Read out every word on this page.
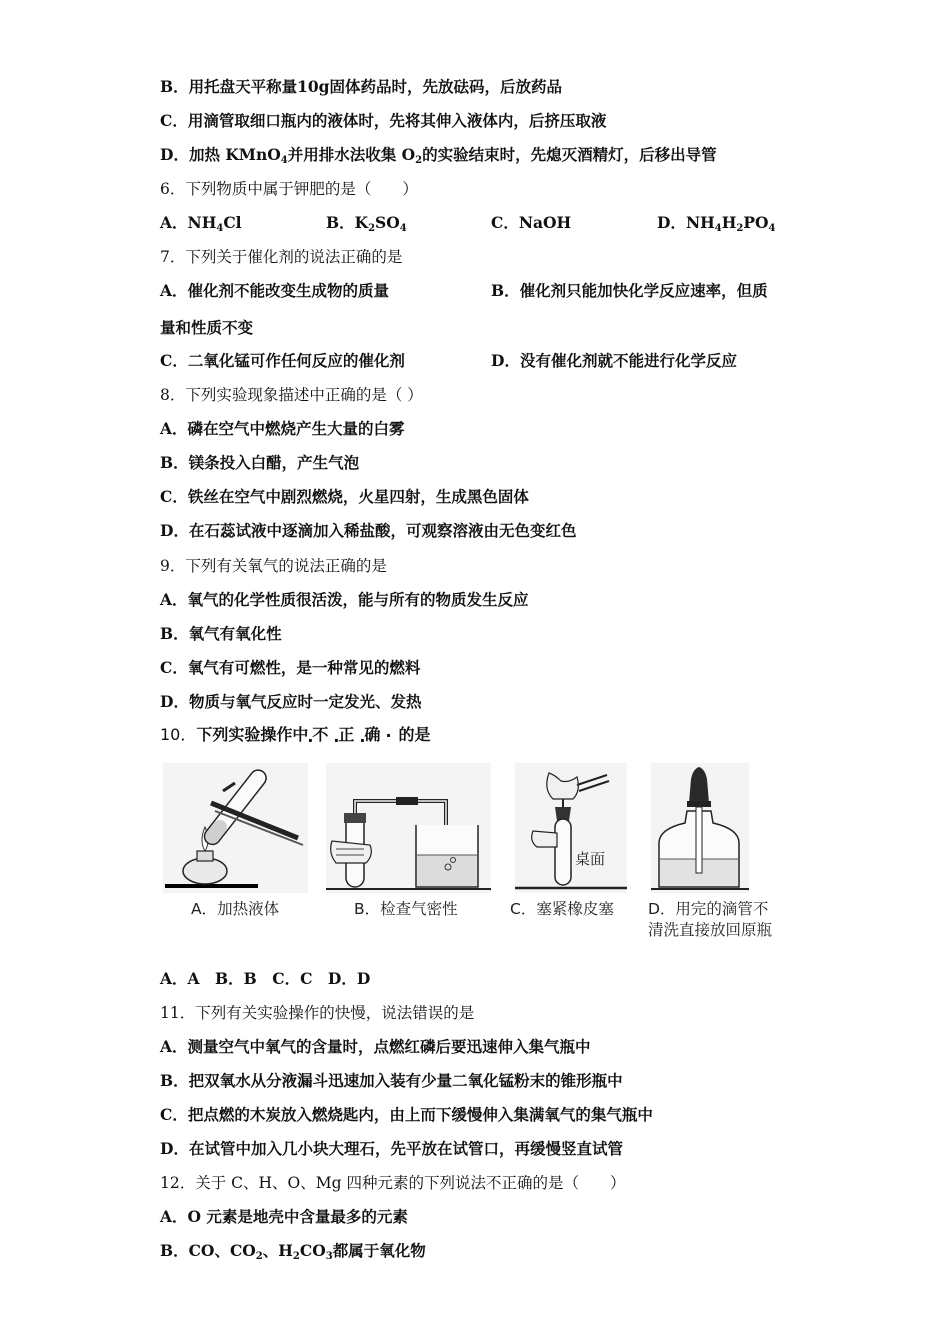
B．用托盘天平称量10g固体药品时，先放砝码，后放药品
C．用滴管取细口瓶内的液体时，先将其伸入液体内，后挤压取液
D．加热 KMnO$_4$并用排水法收集 $O_2$的实验结束时，先熄灭酒精灯，后移出导管
6．下列物质中属于钾肥的是（　　）
A．$NH_4Cl$	B．$K_2SO_4$	C．NaOH	D．$NH_4H_2PO_4$
7．下列关于催化剂的说法正确的是
A．催化剂不能改变生成物的质量	B．催化剂只能加快化学反应速率，但质
量和性质不变
C．二氧化锰可作任何反应的催化剂	D．没有催化剂就不能进行化学反应
8．下列实验现象描述中正确的是（ ）
A．磷在空气中燃烧产生大量的白雾
B．镁条投入白醋，产生气泡
C．铁丝在空气中剧烈燃烧，火星四射，生成黑色固体
D．在石蕊试液中逐滴加入稀盐酸，可观察溶液由无色变红色
9．下列有关氧气的说法正确的是
A．氧气的化学性质很活泼，能与所有的物质发生反应
B．氧气有氧化性
C．氧气有可燃性，是一种常见的燃料
D．物质与氧气反应时一定发光、发热
10．下列实验操作中 不 . 正 . 确 . 的是
桌面
A．加热液体	B．检查气密性	C．塞紧橡皮塞 D．用完的滴管不
清洗直接放回原瓶
A．A　B．B　C．C　D．D
11．下列有关实验操作的快慢，说法错误的是
A．测量空气中氧气的含量时，点燃红磷后要迅速伸入集气瓶中
B．把双氧水从分液漏斗迅速加入装有少量二氧化锰粉末的锥形瓶中
C．把点燃的木炭放入燃烧匙内，由上而下缓慢伸入集满氧气的集气瓶中
D．在试管中加入几小块大理石，先平放在试管口，再缓慢竖直试管
12．关于 C、H、O、Mg 四种元素的下列说法不正确的是（　　）
A．O 元素是地壳中含量最多的元素
B．CO、$CO_2$、$H_2CO_3$都属于氧化物
